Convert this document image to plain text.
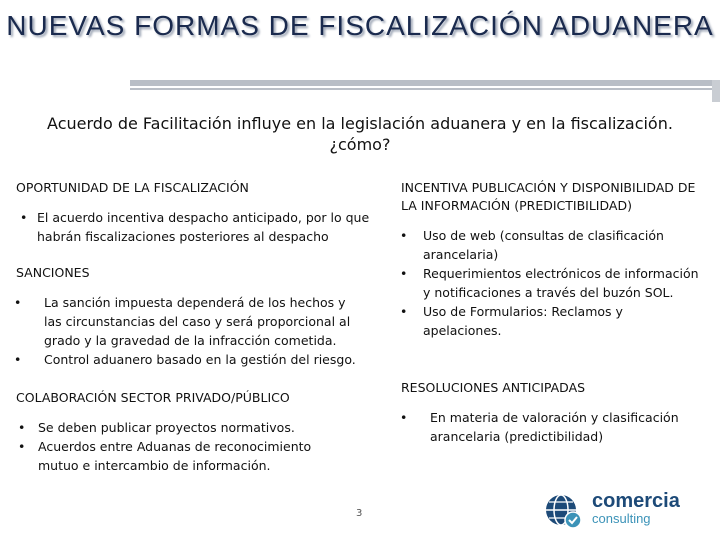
NUEVAS FORMAS DE FISCALIZACIÓN ADUANERA
Acuerdo de Facilitación influye en la legislación aduanera y en la fiscalización. ¿cómo?
OPORTUNIDAD DE LA FISCALIZACIÓN
• El acuerdo incentiva despacho anticipado, por lo que habrán fiscalizaciones posteriores al despacho
SANCIONES
• La sanción impuesta dependerá de los hechos y las circunstancias del caso y será proporcional al grado y la gravedad de la infracción cometida.
• Control aduanero basado en la gestión del riesgo.
COLABORACIÓN SECTOR PRIVADO/PÚBLICO
• Se deben publicar proyectos normativos.
• Acuerdos entre Aduanas de reconocimiento mutuo e intercambio de información.
INCENTIVA PUBLICACIÓN Y DISPONIBILIDAD DE LA INFORMACIÓN (PREDICTIBILIDAD)
• Uso de web (consultas de clasificación arancelaria)
• Requerimientos electrónicos de información y notificaciones a través del buzón SOL.
• Uso de Formularios: Reclamos y apelaciones.
RESOLUCIONES ANTICIPADAS
• En materia de valoración y clasificación arancelaria (predictibilidad)
3
comercia
consulting
